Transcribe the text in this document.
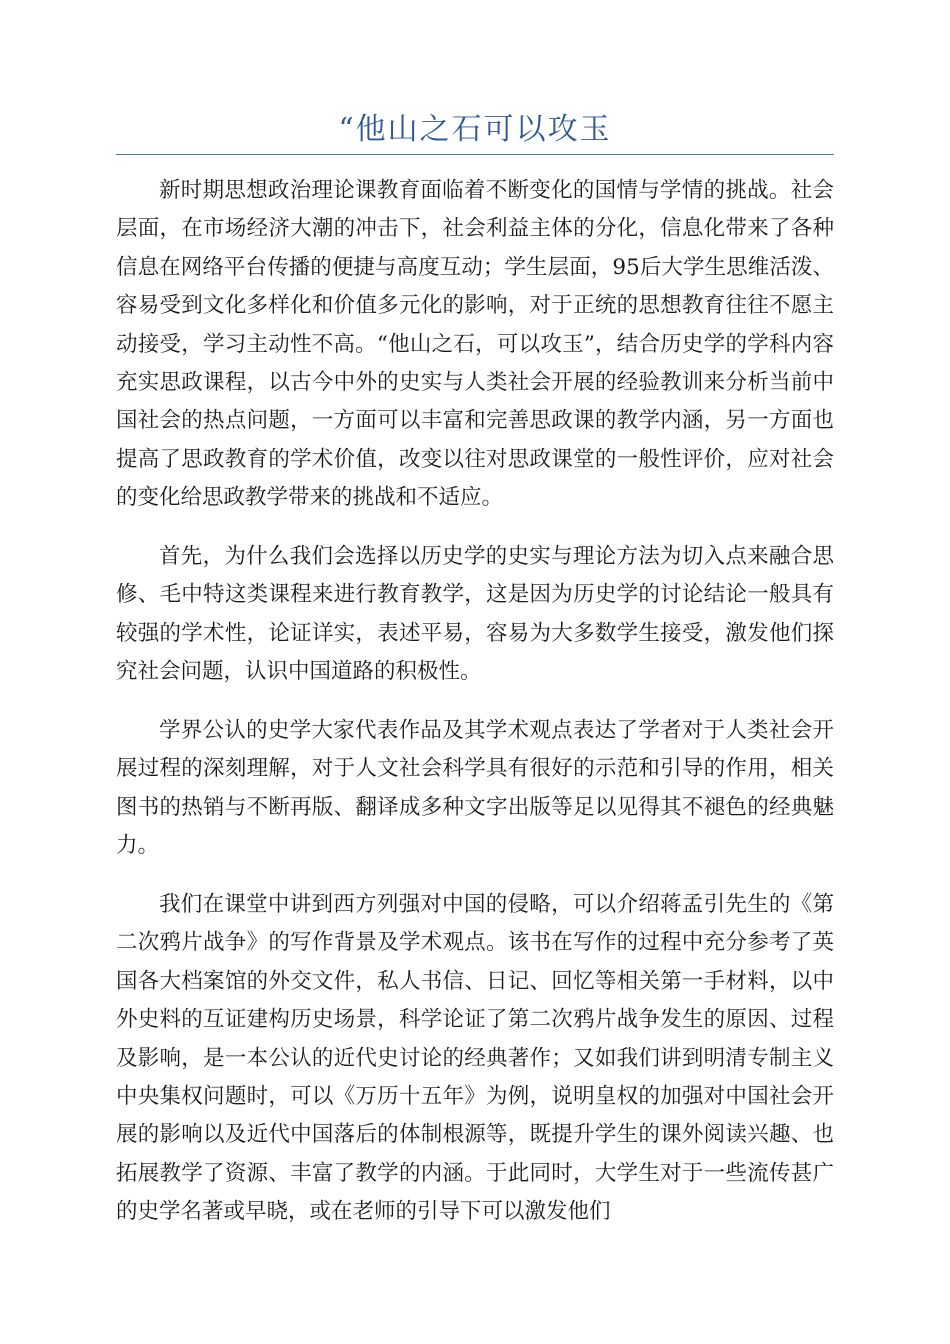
“他山之石可以攻玉

新时期思想政治理论课教育面临着不断变化的国情与学情的挑战。社会层面，在市场经济大潮的冲击下，社会利益主体的分化，信息化带来了各种信息在网络平台传播的便捷与高度互动；学生层面，95后大学生思维活泼、容易受到文化多样化和价值多元化的影响，对于正统的思想教育往往不愿主动接受，学习主动性不高。“他山之石，可以攻玉”，结合历史学的学科内容充实思政课程，以古今中外的史实与人类社会开展的经验教训来分析当前中国社会的热点问题，一方面可以丰富和完善思政课的教学内涵，另一方面也提高了思政教育的学术价值，改变以往对思政课堂的一般性评价，应对社会的变化给思政教学带来的挑战和不适应。

首先，为什么我们会选择以历史学的史实与理论方法为切入点来融合思修、毛中特这类课程来进行教育教学，这是因为历史学的讨论结论一般具有较强的学术性，论证详实，表述平易，容易为大多数学生接受，激发他们探究社会问题，认识中国道路的积极性。

学界公认的史学大家代表作品及其学术观点表达了学者对于人类社会开展过程的深刻理解，对于人文社会科学具有很好的示范和引导的作用，相关图书的热销与不断再版、翻译成多种文字出版等足以见得其不褪色的经典魅力。

我们在课堂中讲到西方列强对中国的侵略，可以介绍蒋孟引先生的《第二次鸦片战争》的写作背景及学术观点。该书在写作的过程中充分参考了英国各大档案馆的外交文件，私人书信、日记、回忆等相关第一手材料，以中外史料的互证建构历史场景，科学论证了第二次鸦片战争发生的原因、过程及影响，是一本公认的近代史讨论的经典著作；又如我们讲到明清专制主义中央集权问题时，可以《万历十五年》为例，说明皇权的加强对中国社会开展的影响以及近代中国落后的体制根源等，既提升学生的课外阅读兴趣、也拓展教学了资源、丰富了教学的内涵。于此同时，大学生对于一些流传甚广的史学名著或早晓，或在老师的引导下可以激发他们
